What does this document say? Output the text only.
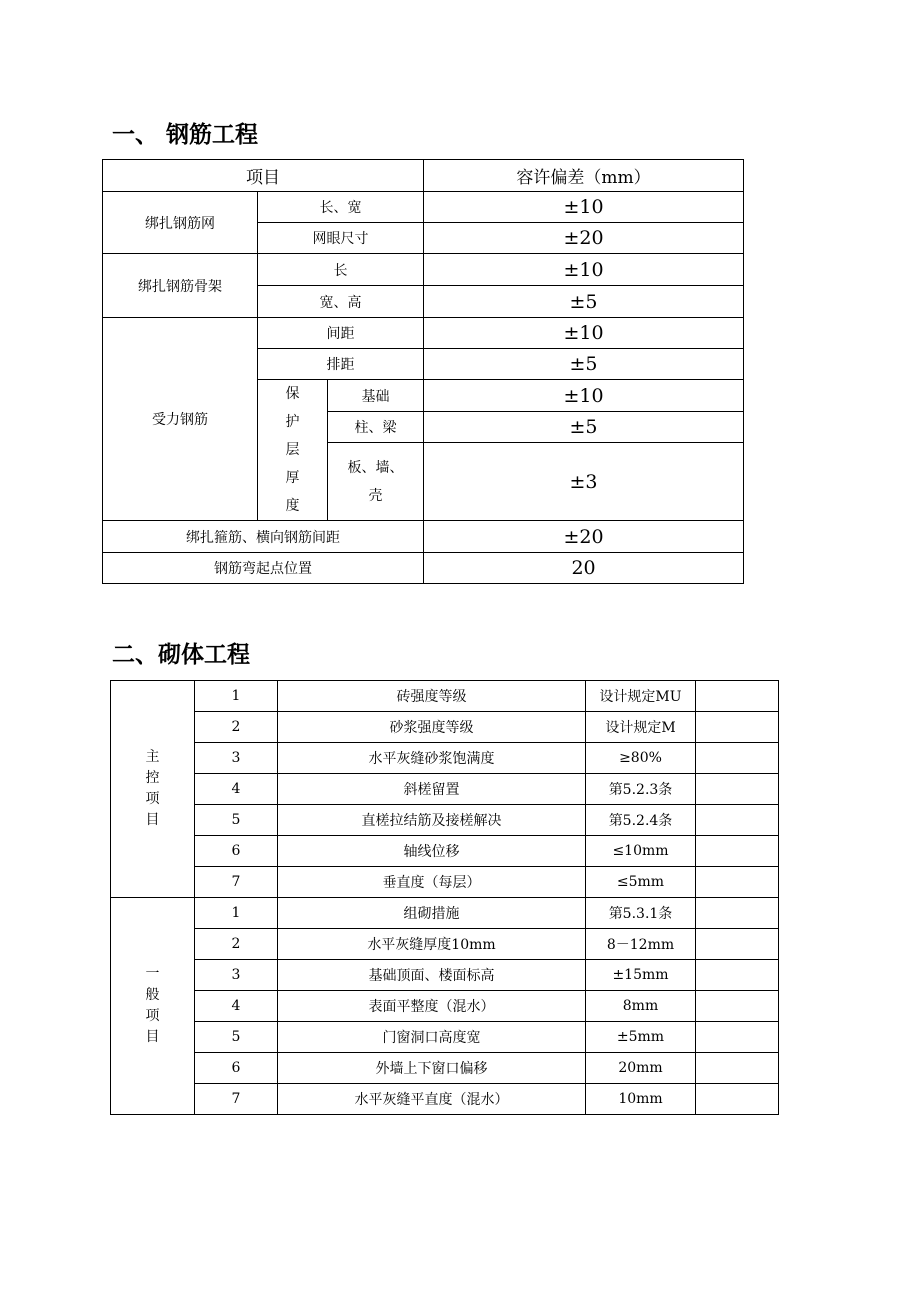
一、 钢筋工程
项目			容许偏差（mm）
绑扎钢筋网	长、宽		±10
	网眼尺寸		±20
绑扎钢筋骨架	长		±10
	宽、高		±5
受力钢筋	间距		±10
	排距		±5
	保护层厚度	基础	±10
		柱、梁	±5
		板、墙、壳	±3
绑扎箍筋、横向钢筋间距			±20
钢筋弯起点位置			20
二、砌体工程
主控项目	1	砖强度等级	设计规定MU	
	2	砂浆强度等级	设计规定M	
	3	水平灰缝砂浆饱满度	≥80%	
	4	斜槎留置	第5.2.3条	
	5	直槎拉结筋及接槎解决	第5.2.4条	
	6	轴线位移	≤10mm	
	7	垂直度（每层）	≤5mm	
一般项目	1	组砌措施	第5.3.1条	
	2	水平灰缝厚度10mm	8－12mm	
	3	基础顶面、楼面标高	±15mm	
	4	表面平整度（混水）	8mm	
	5	门窗洞口高度宽	±5mm	
	6	外墙上下窗口偏移	20mm	
	7	水平灰缝平直度（混水）	10mm	
